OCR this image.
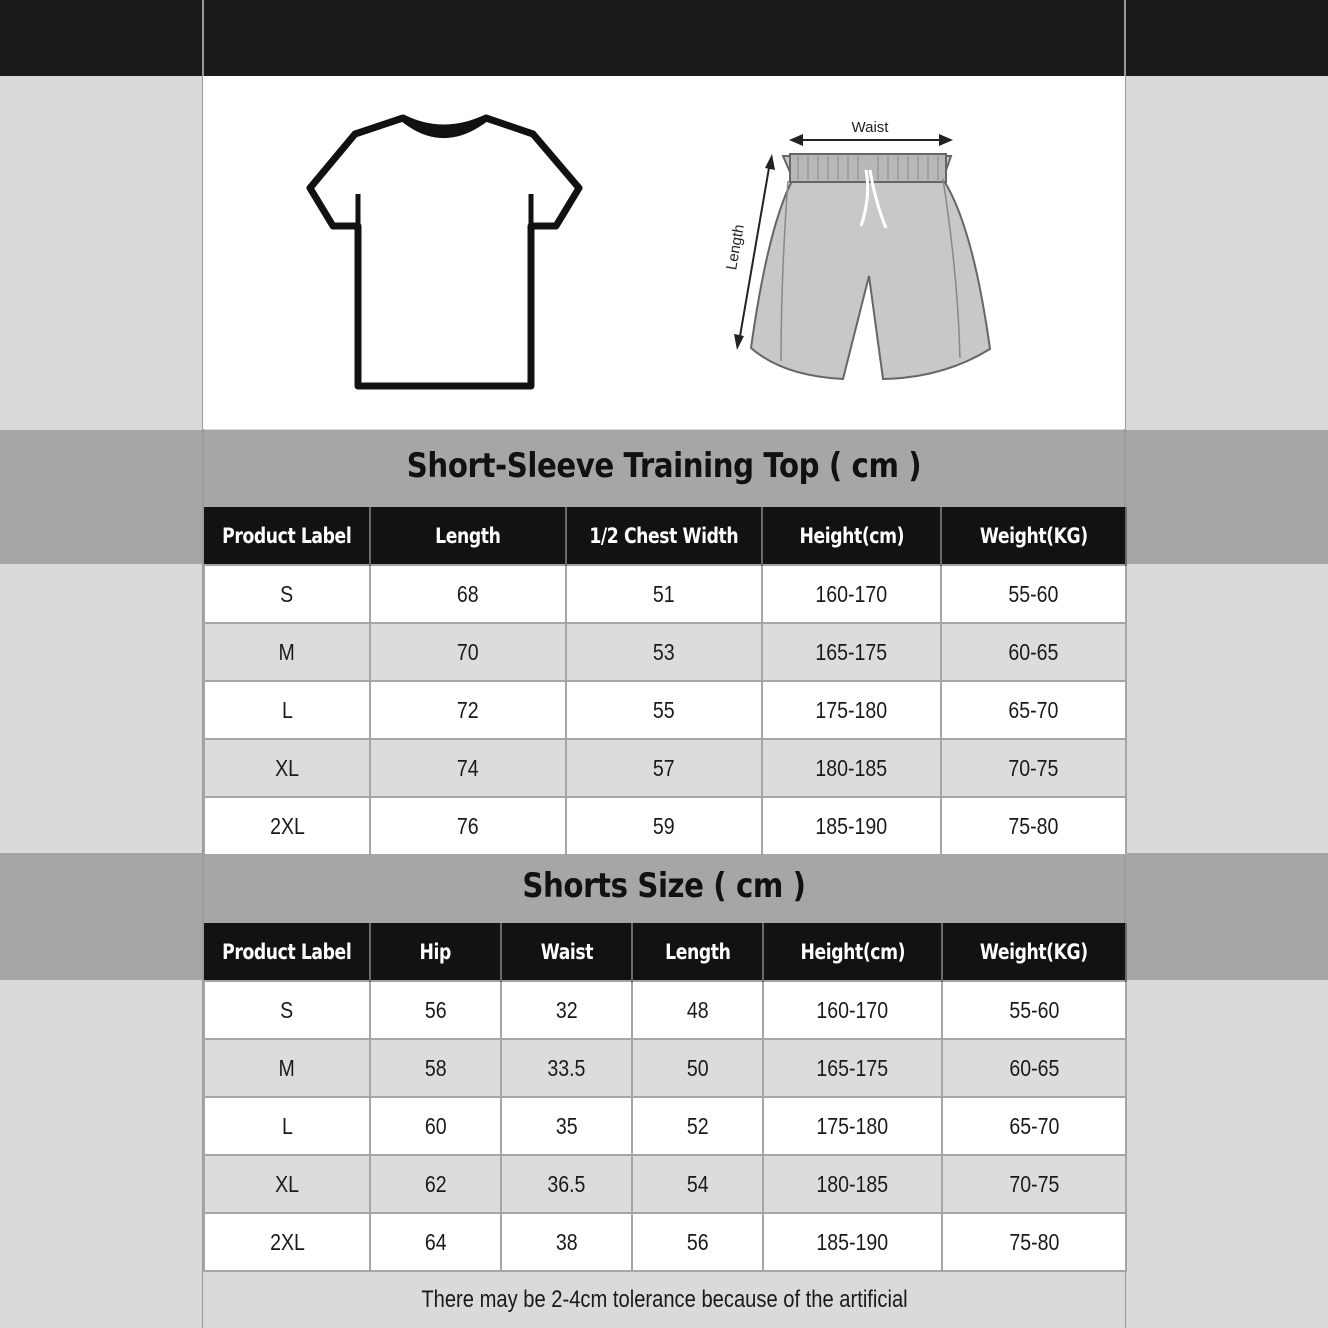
Waist
Length
Short-Sleeve Training Top ( cm )
Product Label	Length	1/2 Chest Width	Height(cm)	Weight(KG)
S	68	51	160-170	55-60
M	70	53	165-175	60-65
L	72	55	175-180	65-70
XL	74	57	180-185	70-75
2XL	76	59	185-190	75-80
Shorts Size ( cm )
Product Label	Hip	Waist	Length	Height(cm)	Weight(KG)
S	56	32	48	160-170	55-60
M	58	33.5	50	165-175	60-65
L	60	35	52	175-180	65-70
XL	62	36.5	54	180-185	70-75
2XL	64	38	56	185-190	75-80
There may be 2-4cm tolerance because of the artificial
